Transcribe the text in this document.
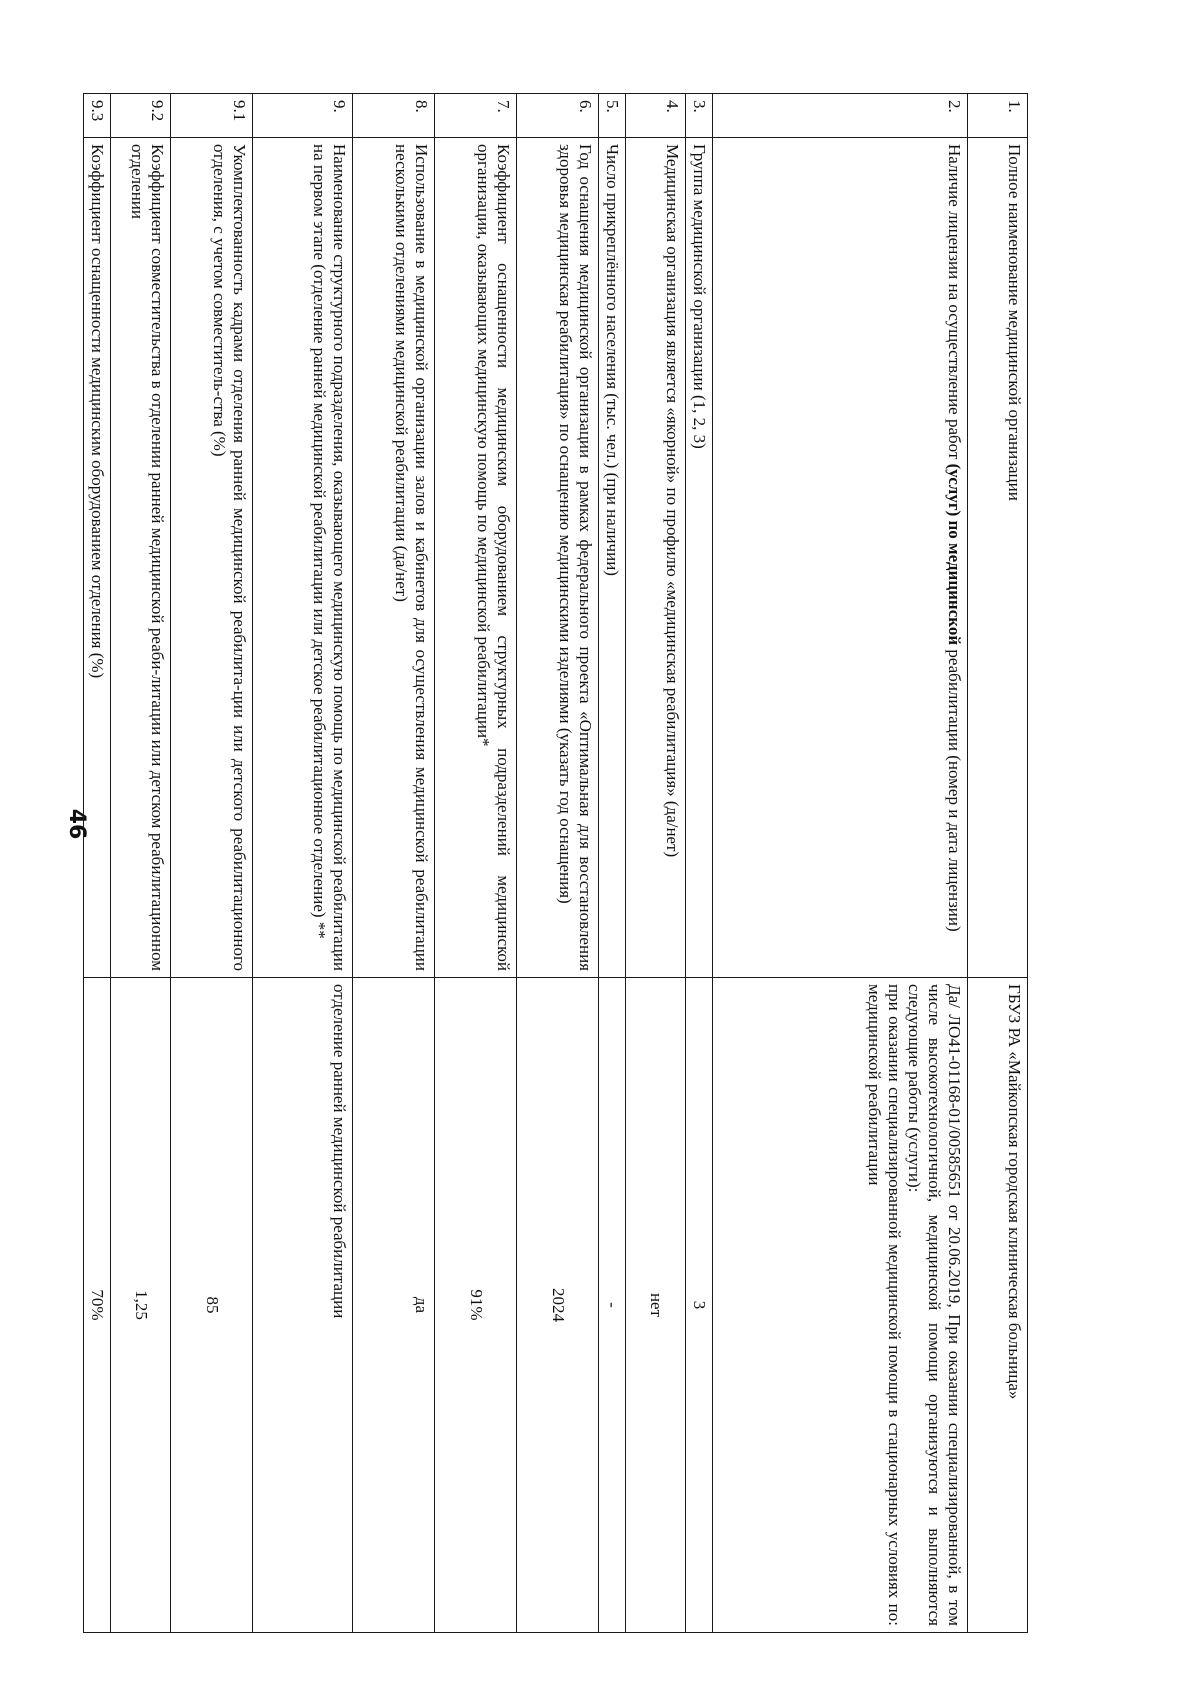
46
1.	Полное наименование медицинской организации	ГБУЗ РА «Майкопская городская клиническая больница»
2.	Наличие лицензии на осуществление работ (услуг) по медицинской реабилитации (номер и дата лицензии)	Да/ ЛО41-01168-01/00585651 от 20.06.2019, При оказании специализированной, в том числе высокотехнологичной, медицинской помощи организуются и выполняются следующие работы (услуги):
при оказании специализированной медицинской помощи в стационарных условиях по: медицинской реабилитации

3.	Группа медицинской организации (1, 2, 3)	3
4.	Медицинская организация является «якорной» по профилю «медицинская реабилитация» (да/нет)	нет
5.	Число прикреплённого населения (тыс. чел.) (при наличии)	-
6.	Год оснащения медицинской организации в рамках федерального проекта «Оптимальная для восстановления здоровья медицинская реабилитация» по оснащению медицинскими изделиями (указать год оснащения)	2024
7.	Коэффициент оснащенности медицинским оборудованием структурных подразделений медицинской организации, оказывающих медицинскую помощь по медицинской реабилитации*	91%
8.	Использование в медицинской организации залов и кабинетов для осуществления медицинской реабилитации несколькими отделениями медицинской реабилитации (да/нет)	да
9.	Наименование структурного подразделения, оказывающего медицинскую помощь по медицинской реабилитации на первом этапе (отделение ранней медицинской реабилитации или детское реабилитационное отделение) **	отделение ранней медицинской реабилитации
9.1	Укомплектованность кадрами отделения ранней медицинской реабилита-ции или детского реабилитационного отделения, с учетом совместитель-ства (%)	85
9.2	Коэффициент совместительства в отделении ранней медицинской реаби-литации или детском реабилитационном отделении	1,25
9.3	Коэффициент оснащенности медицинским оборудованием отделения (%)	70%
